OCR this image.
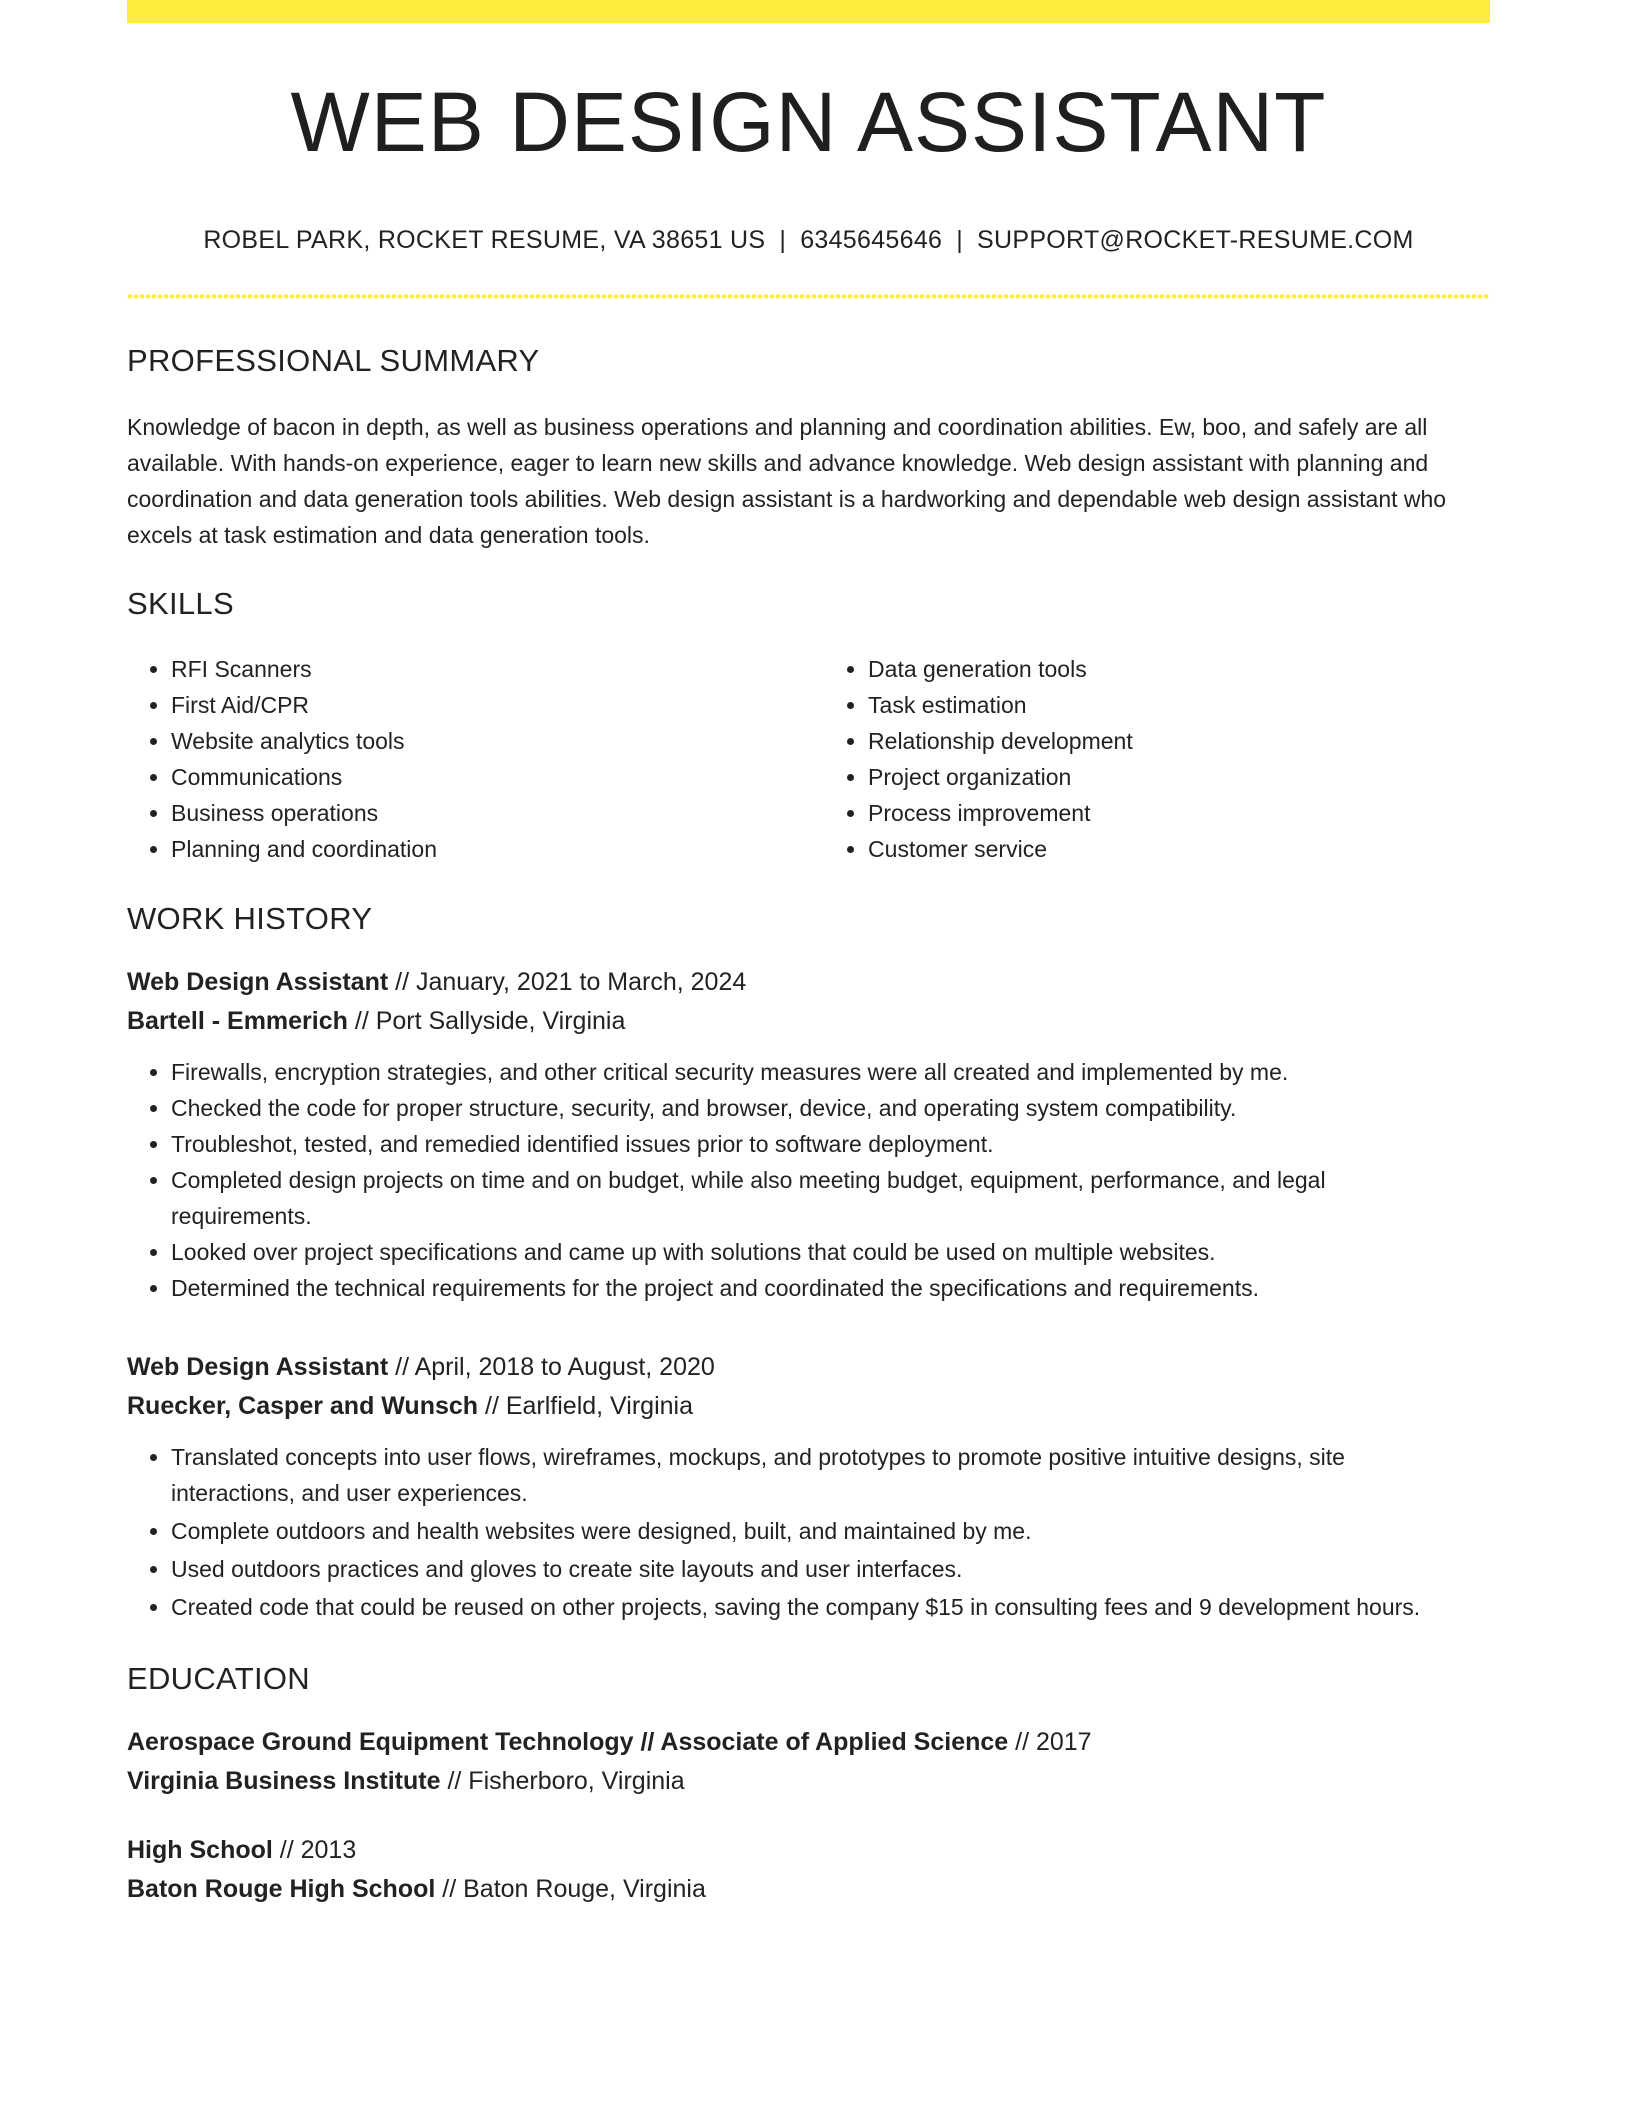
WEB DESIGN ASSISTANT
ROBEL PARK, ROCKET RESUME, VA 38651 US | 6345645646 | SUPPORT@ROCKET-RESUME.COM
PROFESSIONAL SUMMARY

Knowledge of bacon in depth, as well as business operations and planning and coordination abilities. Ew, boo, and safely are all available. With hands-on experience, eager to learn new skills and advance knowledge. Web design assistant with planning and coordination and data generation tools abilities. Web design assistant is a hardworking and dependable web design assistant who excels at task estimation and data generation tools.

SKILLS
• RFI Scanners
• First Aid/CPR
• Website analytics tools
• Communications
• Business operations
• Planning and coordination
• Data generation tools
• Task estimation
• Relationship development
• Project organization
• Process improvement
• Customer service
WORK HISTORY
Web Design Assistant // January, 2021 to March, 2024
Bartell - Emmerich // Port Sallyside, Virginia
• Firewalls, encryption strategies, and other critical security measures were all created and implemented by me.
• Checked the code for proper structure, security, and browser, device, and operating system compatibility.
• Troubleshot, tested, and remedied identified issues prior to software deployment.
• Completed design projects on time and on budget, while also meeting budget, equipment, performance, and legal requirements.
• Looked over project specifications and came up with solutions that could be used on multiple websites.
• Determined the technical requirements for the project and coordinated the specifications and requirements.
Web Design Assistant // April, 2018 to August, 2020
Ruecker, Casper and Wunsch // Earlfield, Virginia
• Translated concepts into user flows, wireframes, mockups, and prototypes to promote positive intuitive designs, site interactions, and user experiences.
• Complete outdoors and health websites were designed, built, and maintained by me.
• Used outdoors practices and gloves to create site layouts and user interfaces.
• Created code that could be reused on other projects, saving the company $15 in consulting fees and 9 development hours.
EDUCATION
Aerospace Ground Equipment Technology // Associate of Applied Science // 2017
Virginia Business Institute // Fisherboro, Virginia
High School // 2013
Baton Rouge High School // Baton Rouge, Virginia
